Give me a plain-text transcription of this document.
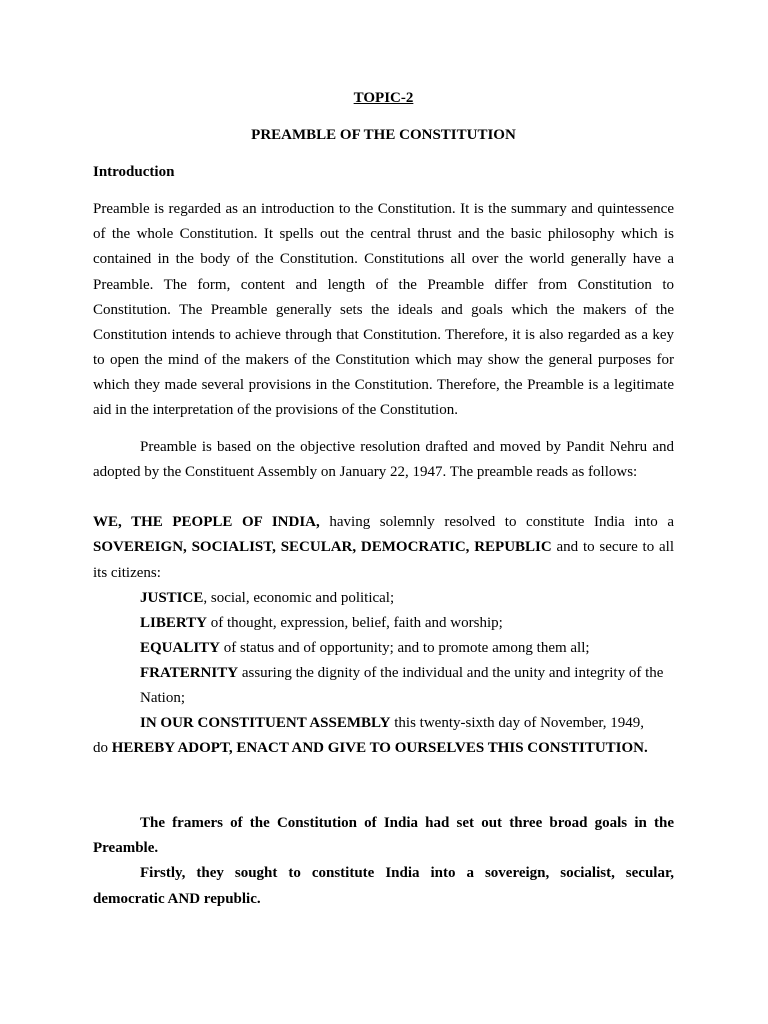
TOPIC-2

PREAMBLE OF THE CONSTITUTION

Introduction

Preamble is regarded as an introduction to the Constitution. It is the summary and quintessence of the whole Constitution. It spells out the central thrust and the basic philosophy which is contained in the body of the Constitution. Constitutions all over the world generally have a Preamble. The form, content and length of the Preamble differ from Constitution to Constitution. The Preamble generally sets the ideals and goals which the makers of the Constitution intends to achieve through that Constitution. Therefore, it is also regarded as a key to open the mind of the makers of the Constitution which may show the general purposes for which they made several provisions in the Constitution. Therefore, the Preamble is a legitimate aid in the interpretation of the provisions of the Constitution.

Preamble is based on the objective resolution drafted and moved by Pandit Nehru and adopted by the Constituent Assembly on January 22, 1947. The preamble reads as follows:

WE, THE PEOPLE OF INDIA, having solemnly resolved to constitute India into a SOVEREIGN, SOCIALIST, SECULAR, DEMOCRATIC, REPUBLIC and to secure to all its citizens:

JUSTICE, social, economic and political;

LIBERTY of thought, expression, belief, faith and worship;

EQUALITY of status and of opportunity; and to promote among them all;

FRATERNITY assuring the dignity of the individual and the unity and integrity of the Nation;

IN OUR CONSTITUENT ASSEMBLY this twenty-sixth day of November, 1949,

do HEREBY ADOPT, ENACT AND GIVE TO OURSELVES THIS CONSTITUTION.

The framers of the Constitution of India had set out three broad goals in the Preamble.

Firstly, they sought to constitute India into a sovereign, socialist, secular, democratic AND republic.
